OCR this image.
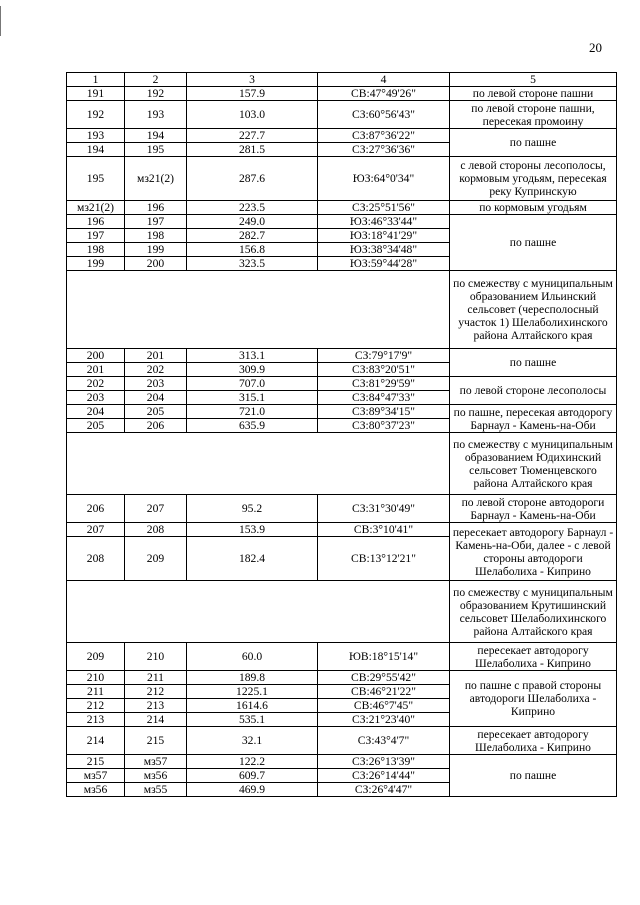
20
1	2	3	4	5
191	192	157.9	СВ:47°49'26"	по левой стороне пашни
192	193	103.0	СЗ:60°56'43"	по левой стороне пашни, пересекая промоину
193	194	227.7	СЗ:87°36'22"	по пашне
194	195	281.5	СЗ:27°36'36"	
195	мз21(2)	287.6	ЮЗ:64°0'34"	с левой стороны лесополосы, кормовым угодьям, пересекая реку Купринскую
мз21(2)	196	223.5	СЗ:25°51'56"	по кормовым угодьям
196	197	249.0	ЮЗ:46°33'44"	по пашне
197	198	282.7	ЮЗ:18°41'29"	
198	199	156.8	ЮЗ:38°34'48"	
199	200	323.5	ЮЗ:59°44'28"	
				по смежеству с муниципальным образованием Ильинский сельсовет (чересполосный участок 1) Шелаболихинского района Алтайского края
200	201	313.1	СЗ:79°17'9"	по пашне
201	202	309.9	СЗ:83°20'51"	
202	203	707.0	СЗ:81°29'59"	по левой стороне лесополосы
203	204	315.1	СЗ:84°47'33"	
204	205	721.0	СЗ:89°34'15"	по пашне, пересекая автодорогу Барнаул - Камень-на-Оби
205	206	635.9	СЗ:80°37'23"	
				по смежеству с муниципальным образованием Юдихинский сельсовет Тюменцевского района Алтайского края
206	207	95.2	СЗ:31°30'49"	по левой стороне автодороги Барнаул - Камень-на-Оби
207	208	153.9	СВ:3°10'41"	пересекает автодорогу Барнаул - Камень-на-Оби, далее - с левой стороны автодороги Шелаболиха - Киприно
208	209	182.4	СВ:13°12'21"	
				по смежеству с муниципальным образованием Крутишинский сельсовет Шелаболихинского района Алтайского края
209	210	60.0	ЮВ:18°15'14"	пересекает автодорогу Шелаболиха - Киприно
210	211	189.8	СВ:29°55'42"	по пашне с правой стороны автодороги Шелаболиха - Киприно
211	212	1225.1	СВ:46°21'22"	
212	213	1614.6	СВ:46°7'45"	
213	214	535.1	СЗ:21°23'40"	
214	215	32.1	СЗ:43°4'7"	пересекает автодорогу Шелаболиха - Киприно
215	мз57	122.2	СЗ:26°13'39"	по пашне
мз57	мз56	609.7	СЗ:26°14'44"	
мз56	мз55	469.9	СЗ:26°4'47"	
